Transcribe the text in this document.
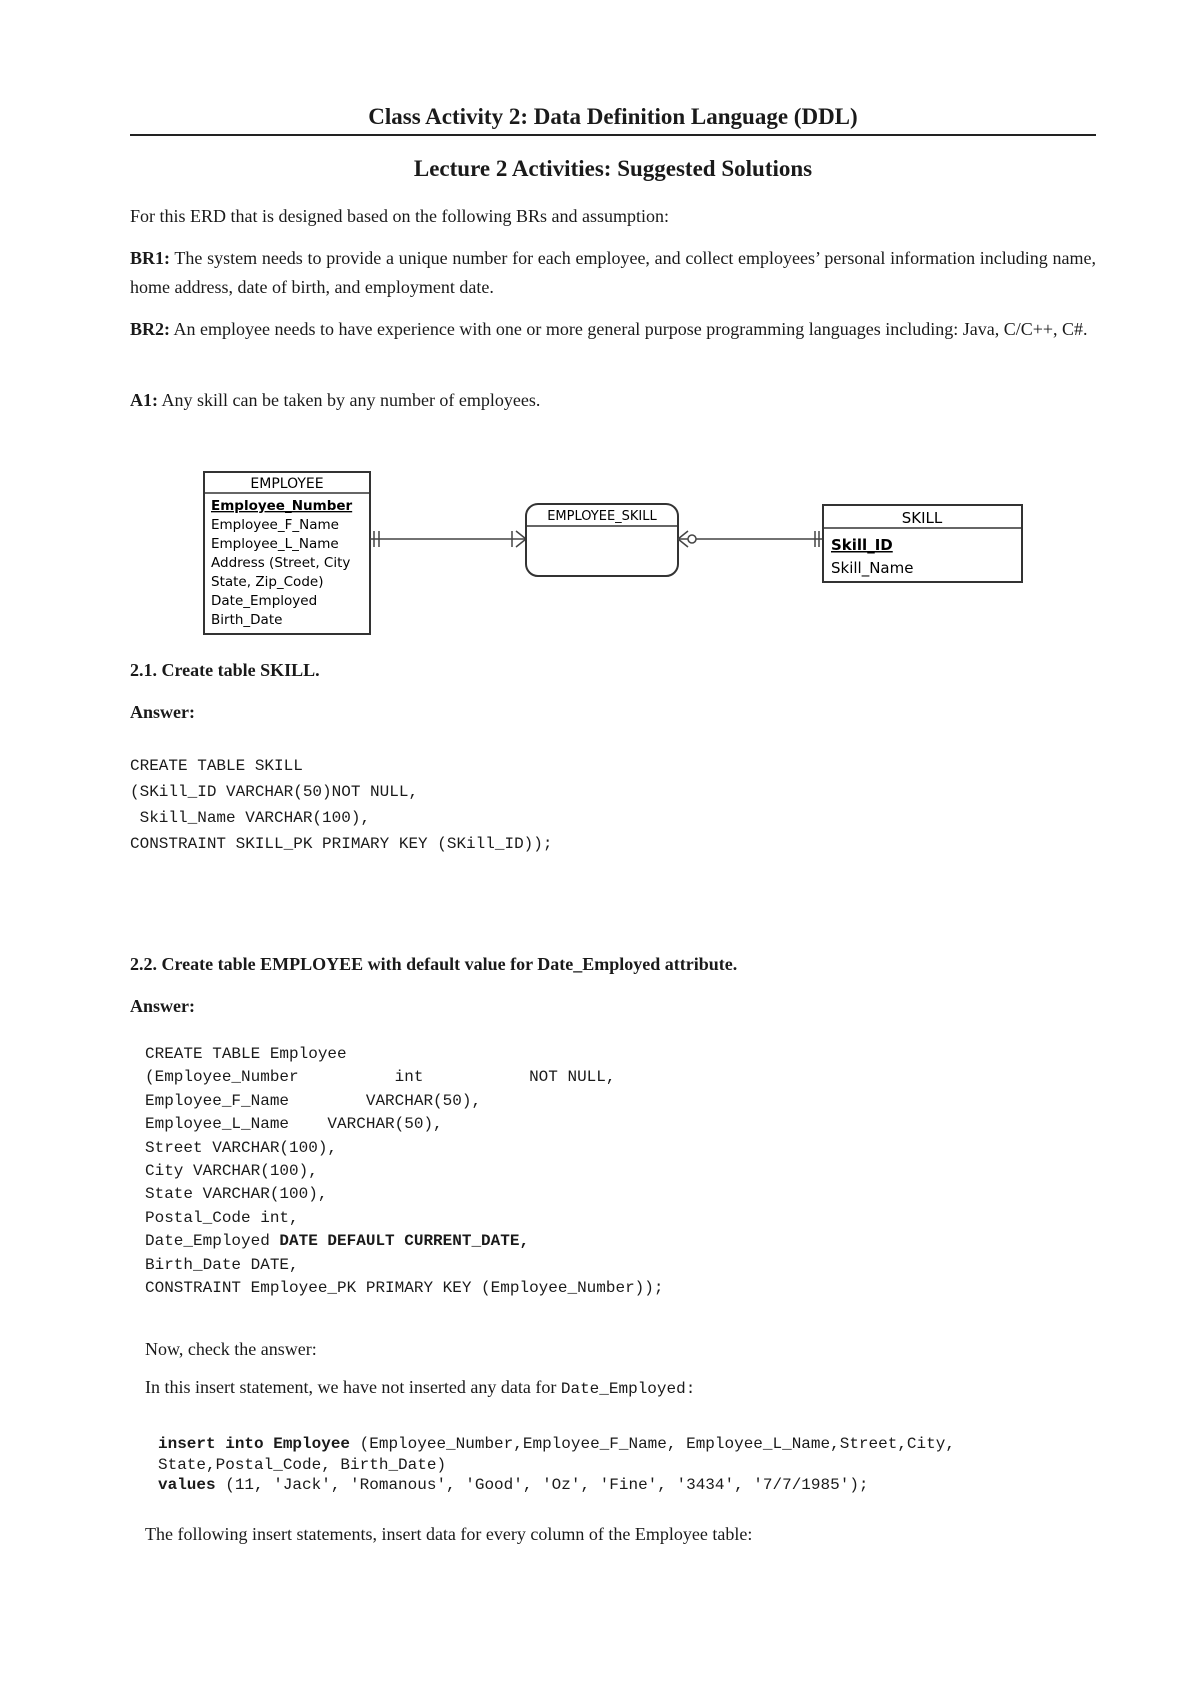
Class Activity 2: Data Definition Language (DDL)
Lecture 2 Activities: Suggested Solutions
For this ERD that is designed based on the following BRs and assumption:
BR1: The system needs to provide a unique number for each employee, and collect employees’ personal information including name, home address, date of birth, and employment date.
BR2: An employee needs to have experience with one or more general purpose programming languages including: Java, C/C++, C#.
A1: Any skill can be taken by any number of employees.
EMPLOYEE
Employee_Number
Employee_F_Name
Employee_L_Name
Address (Street, City
State, Zip_Code)
Date_Employed
Birth_Date
EMPLOYEE_SKILL	SKILL
Skill_ID
Skill_Name
2.1. Create table SKILL.
Answer:
CREATE TABLE SKILL
(SKill_ID VARCHAR(50)NOT NULL,
Skill_Name VARCHAR(100),
CONSTRAINT SKILL_PK PRIMARY KEY (SKill_ID));
2.2. Create table EMPLOYEE with default value for Date_Employed attribute.
Answer:
CREATE TABLE Employee
(Employee_Number          int           NOT NULL,
Employee_F_Name        VARCHAR(50),
Employee_L_Name    VARCHAR(50),
Street VARCHAR(100),
City VARCHAR(100),
State VARCHAR(100),
Postal_Code int,
Date_Employed DATE DEFAULT CURRENT_DATE,
Birth_Date DATE,
CONSTRAINT Employee_PK PRIMARY KEY (Employee_Number));
Now, check the answer:
In this insert statement, we have not inserted any data for Date_Employed:
insert into Employee (Employee_Number,Employee_F_Name, Employee_L_Name,Street,City,
State,Postal_Code, Birth_Date)
values (11, 'Jack', 'Romanous', 'Good', 'Oz', 'Fine', '3434', '7/7/1985');
The following insert statements, insert data for every column of the Employee table:
